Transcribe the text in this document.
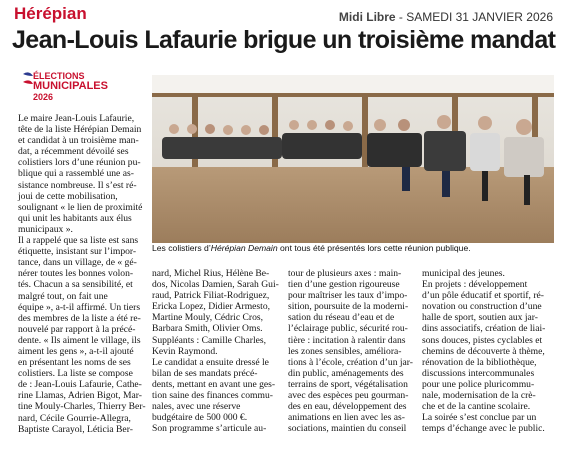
Hérépian	Midi Libre - SAMEDI 31 JANVIER 2026
Jean-Louis Lafaurie brigue un troisième mandat
ÉLECTIONS
MUNICIPALES
2026
Les colistiers d’Hérépian Demain ont tous été présentés lors cette réunion publique.
Le maire Jean-Louis Lafaurie,
tête de la liste Hérépian Demain
et candidat à un troisième man-
dat, a récemment dévoilé ses
colistiers lors d’une réunion pu-
blique qui a rassemblé une as-
sistance nombreuse. Il s’est ré-
joui de cette mobilisation,
soulignant « le lien de proximité
qui unit les habitants aux élus
municipaux ».
Il a rappelé que sa liste est sans
étiquette, insistant sur l’impor-
tance, dans un village, de « gé-
nérer toutes les bonnes volon-
tés. Chacun a sa sensibilité, et
malgré tout, on fait une
équipe », a-t-il affirmé. Un tiers
des membres de la liste a été re-
nouvelé par rapport à la précé-
dente. « Ils aiment le village, ils
aiment les gens », a-t-il ajouté
en présentant les noms de ses
colistiers. La liste se compose
de : Jean-Louis Lafaurie, Cathe-
rine Llamas, Adrien Bigot, Mar-
tine Mouly-Charles, Thierry Ber-
nard, Cécile Gourrie-Allegra,
Baptiste Carayol, Léticia Ber-
nard, Michel Rius, Hélène Be-
dos, Nicolas Damien, Sarah Gui-
raud, Patrick Filiat-Rodriguez,
Ericka Lopez, Didier Armesto,
Martine Mouly, Cédric Cros,
Barbara Smith, Olivier Oms.
Suppléants : Camille Charles,
Kevin Raymond.
Le candidat a ensuite dressé le
bilan de ses mandats précé-
dents, mettant en avant une ges-
tion saine des finances commu-
nales, avec une réserve
budgétaire de 500 000 €.
Son programme s’articule au-
tour de plusieurs axes : main-
tien d’une gestion rigoureuse
pour maîtriser les taux d’impo-
sition, poursuite de la moderni-
sation du réseau d’eau et de
l’éclairage public, sécurité rou-
tière : incitation à ralentir dans
les zones sensibles, améliora-
tions à l’école, création d’un jar-
din public, aménagements des
terrains de sport, végétalisation
avec des espèces peu gourman-
des en eau, développement des
animations en lien avec les as-
sociations, maintien du conseil
municipal des jeunes.
En projets : développement
d’un pôle éducatif et sportif, ré-
novation ou construction d’une
halle de sport, soutien aux jar-
dins associatifs, création de liai-
sons douces, pistes cyclables et
chemins de découverte à thème,
rénovation de la bibliothèque,
discussions intercommunales
pour une police pluricommu-
nale, modernisation de la crè-
che et de la cantine scolaire.
La soirée s’est conclue par un
temps d’échange avec le public.
